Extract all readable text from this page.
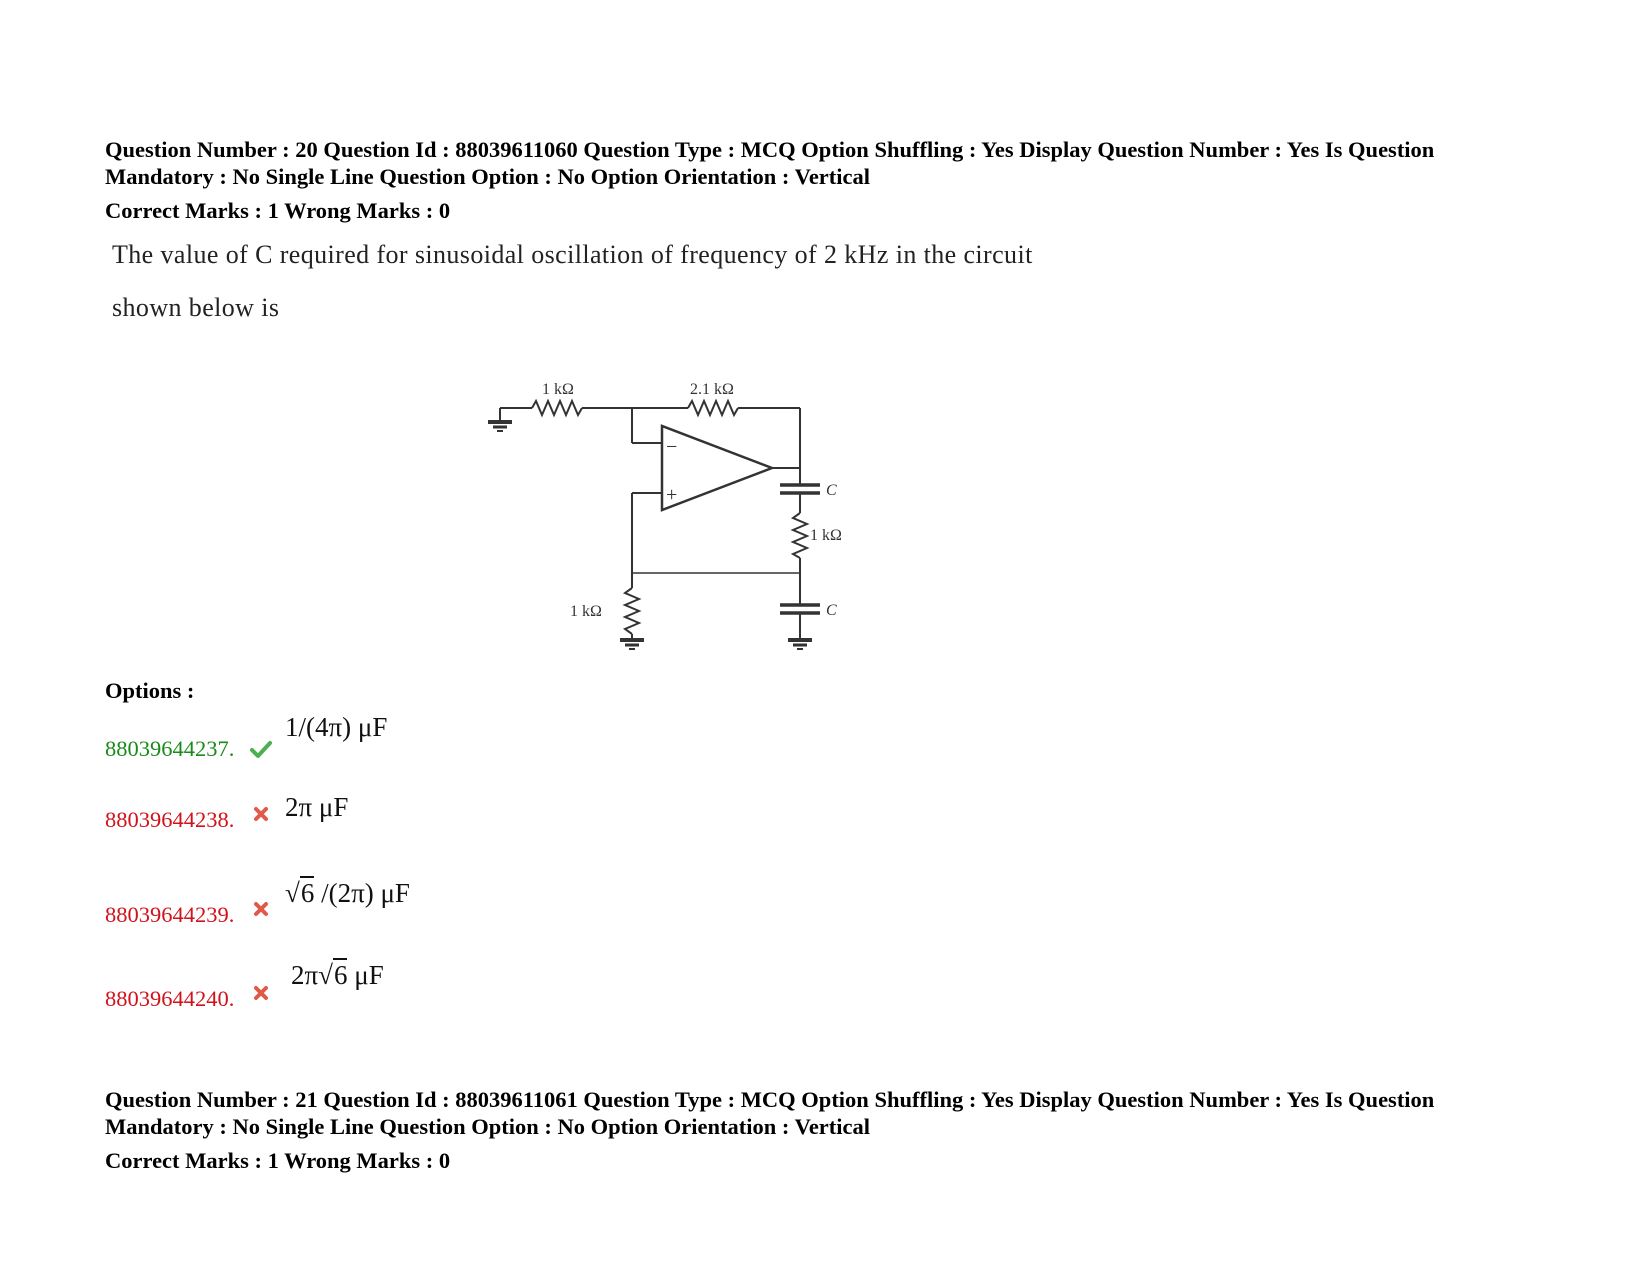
Question Number : 20 Question Id : 88039611060 Question Type : MCQ Option Shuffling : Yes Display Question Number : Yes Is Question
Mandatory : No Single Line Question Option : No Option Orientation : Vertical
Correct Marks : 1 Wrong Marks : 0
The value of C required for sinusoidal oscillation of frequency of 2 kHz in the circuit
shown below is
1 kΩ	2.1 kΩ
−
+	C
1 kΩ
C
1 kΩ
Options :
88039644237.
1/(4π) μF
88039644238. 2π μF
88039644239.
√6 /(2π) μF
88039644240.
2π√6 μF
Question Number : 21 Question Id : 88039611061 Question Type : MCQ Option Shuffling : Yes Display Question Number : Yes Is Question
Mandatory : No Single Line Question Option : No Option Orientation : Vertical
Correct Marks : 1 Wrong Marks : 0
